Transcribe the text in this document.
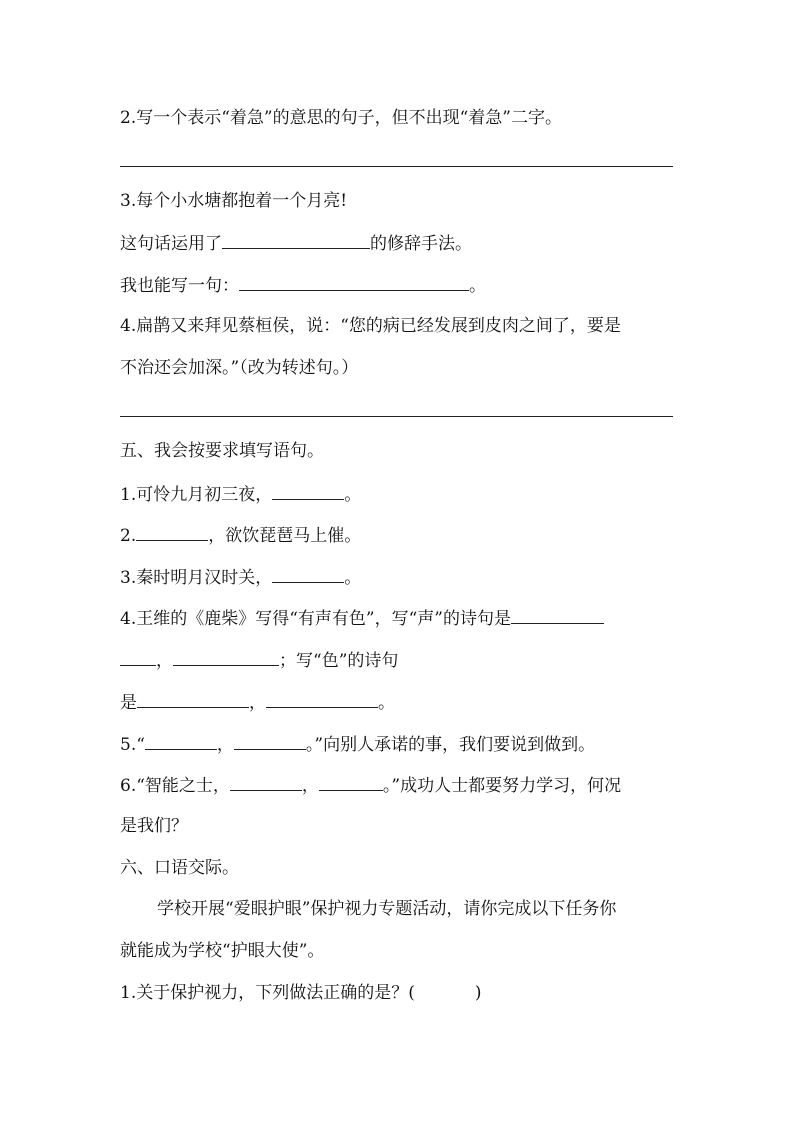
2.写一个表示“着急”的意思的句子，但不出现“着急”二字。
3.每个小水塘都抱着一个月亮!
这句话运用了	的修辞手法。
我也能写一句：	。
4.扁鹊又来拜见蔡桓侯，说：“您的病已经发展到皮肉之间了，要是
不治还会加深。”（改为转述句。）
五、我会按要求填写语句。
1.可怜九月初三夜，	。
2.	，欲饮琵琶马上催。
3.秦时明月汉时关，	。
4.王维的《鹿柴》写得“有声有色”，写“声”的诗句是
，	；写“色”的诗句
是	，	。
5.“	，	。”向别人承诺的事，我们要说到做到。
6.“智能之士，	，	。”成功人士都要努力学习，何况
是我们？
六、口语交际。
学校开展“爱眼护眼”保护视力专题活动，请你完成以下任务你
就能成为学校“护眼大使”。
1.关于保护视力，下列做法正确的是？(	)
